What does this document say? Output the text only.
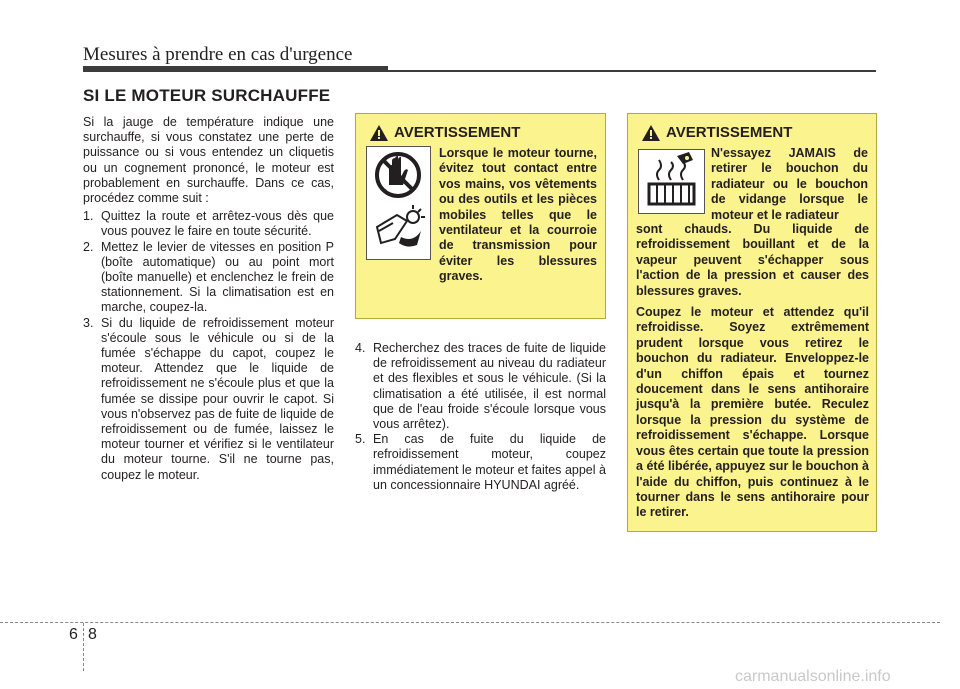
Mesures à prendre en cas d'urgence
SI LE MOTEUR SURCHAUFFE

Si la jauge de température indique une surchauffe, si vous constatez une perte de puissance ou si vous entendez un cliquetis ou un cognement prononcé, le moteur est probablement en surchauffe. Dans ce cas, procédez comme suit :

1. Quittez la route et arrêtez-vous dès que vous pouvez le faire en toute sécurité.
2. Mettez le levier de vitesses en position P (boîte automatique) ou au point mort (boîte manuelle) et enclenchez le frein de stationnement. Si la climatisation est en marche, coupez-la.
3. Si du liquide de refroidissement moteur s'écoule sous le véhicule ou si de la fumée s'échappe du capot, coupez le moteur. Attendez que le liquide de refroidissement ne s'écoule plus et que la fumée se dissipe pour ouvrir le capot. Si vous n'observez pas de fuite de liquide de refroidissement ou de fumée, laissez le moteur tourner et vérifiez si le ventilateur du moteur tourne. S'il ne tourne pas, coupez le moteur.
AVERTISSEMENT
Lorsque le moteur tourne, évitez tout contact entre vos mains, vos vêtements ou des outils et les pièces mobiles telles que le ventilateur et la courroie de transmission pour éviter les blessures graves.
4. Recherchez des traces de fuite de liquide de refroidissement au niveau du radiateur et des flexibles et sous le véhicule. (Si la climatisation a été utilisée, il est normal que de l'eau froide s'écoule lorsque vous vous arrêtez).
5. En cas de fuite du liquide de refroidissement moteur, coupez immédiatement le moteur et faites appel à un concessionnaire HYUNDAI agréé.
AVERTISSEMENT
N'essayez JAMAIS de retirer le bouchon du radiateur ou le bouchon de vidange lorsque le moteur et le radiateur

sont chauds. Du liquide de refroidissement bouillant et de la vapeur peuvent s'échapper sous l'action de la pression et causer des blessures graves.

Coupez le moteur et attendez qu'il refroidisse. Soyez extrêmement prudent lorsque vous retirez le bouchon du radiateur. Enveloppez-le d'un chiffon épais et tournez doucement dans le sens antihoraire jusqu'à la première butée. Reculez lorsque la pression du système de refroidissement s'échappe. Lorsque vous êtes certain que toute la pression a été libérée, appuyez sur le bouchon à l'aide du chiffon, puis continuez à le tourner dans le sens antihoraire pour le retirer.

6 8
carmanualsonline.info
